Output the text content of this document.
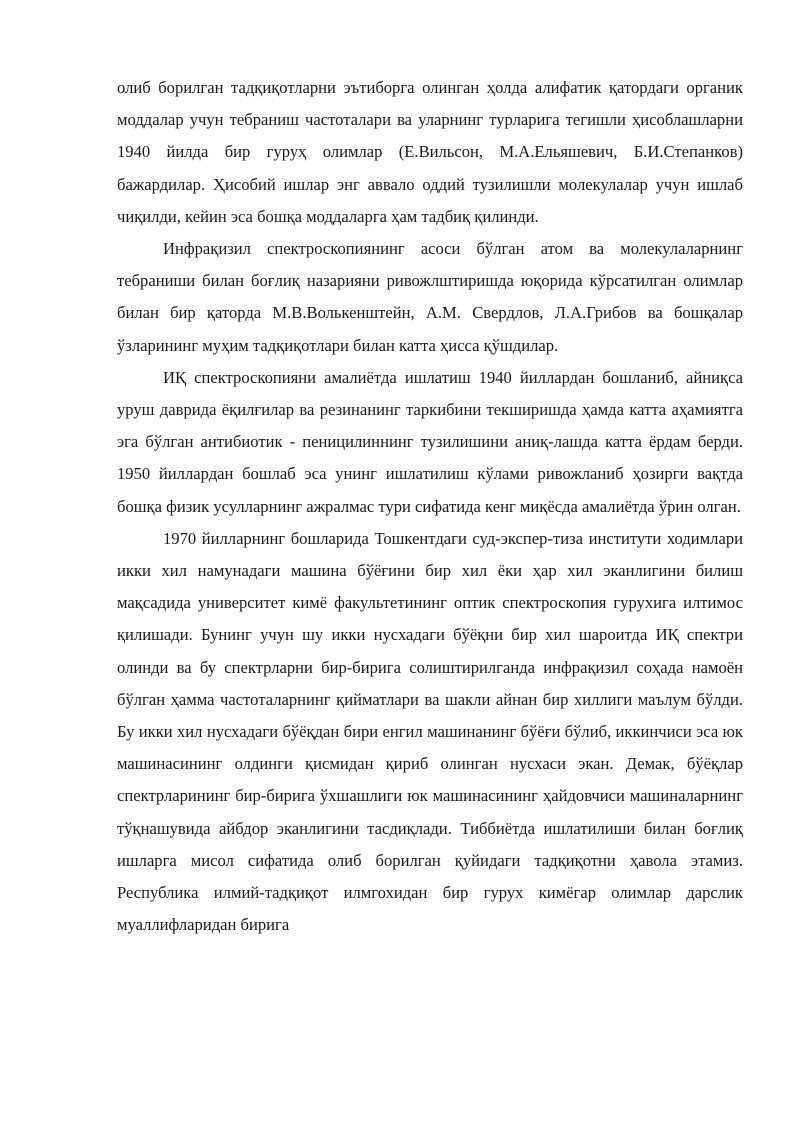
олиб борилган тадқиқотларни эътиборга олинган ҳолда алифатик қатордаги органик моддалар учун тебраниш частоталари ва уларнинг турларига тегишли ҳисоблашларни 1940 йилда бир гуруҳ олимлар (Е.Вильсон, М.А.Ельяшевич, Б.И.Степанков) бажардилар. Ҳисобий ишлар энг аввало оддий тузилишли молекулалар учун ишлаб чиқилди, кейин эса бошқа моддаларга ҳам тадбиқ қилинди.

Инфрақизил спектроскопиянинг асоси бўлган атом ва молекулаларнинг тебраниши билан боғлиқ назарияни ривожлштиришда юқорида кўрсатилган олимлар билан бир қаторда М.В.Волькенштейн, А.М. Свердлов, Л.А.Грибов ва бошқалар ўзларининг муҳим тадқиқотлари билан катта ҳисса қўшдилар.

ИҚ спектроскопияни амалиётда ишлатиш 1940 йиллардан бошланиб, айниқса уруш даврида ёқилғилар ва резинанинг таркибини текширишда ҳамда катта аҳамиятга эга бўлган антибиотик - пеницилиннинг тузилишини аниқ-лашда катта ёрдам берди. 1950 йиллардан бошлаб эса унинг ишлатилиш кўлами ривожланиб ҳозирги вақтда бошқа физик усулларнинг ажралмас тури сифатида кенг миқёсда амалиётда ўрин олган.

1970 йилларнинг бошларида Тошкентдаги суд-экспер-тиза институти ходимлари икки хил намунадаги машина бўёғини бир хил ёки ҳар хил эканлигини билиш мақсадида университет кимё факультетининг оптик спектроскопия гурухига илтимос қилишади. Бунинг учун шу икки нусхадаги бўёқни бир хил шароитда ИҚ спектри олинди ва бу спектрларни бир-бирига солиштирилганда инфрақизил соҳада намоён бўлган ҳамма частоталарнинг қийматлари ва шакли айнан бир хиллиги маълум бўлди. Бу икки хил нусхадаги бўёқдан бири енгил машинанинг бўёғи бўлиб, иккинчиси эса юк машинасининг олдинги қисмидан қириб олинган нусхаси экан. Демак, бўёқлар спектрларининг бир-бирига ўхшашлиги юк машинасининг ҳайдовчиси машиналарнинг тўқнашувида айбдор эканлигини тасдиқлади. Тиббиётда ишлатилиши билан боғлиқ ишларга мисол сифатида олиб борилган қуйидаги тадқиқотни ҳавола этамиз. Республика илмий-тадқиқот илмгохидан бир гурух кимёгар олимлар дарслик муаллифларидан бирига
